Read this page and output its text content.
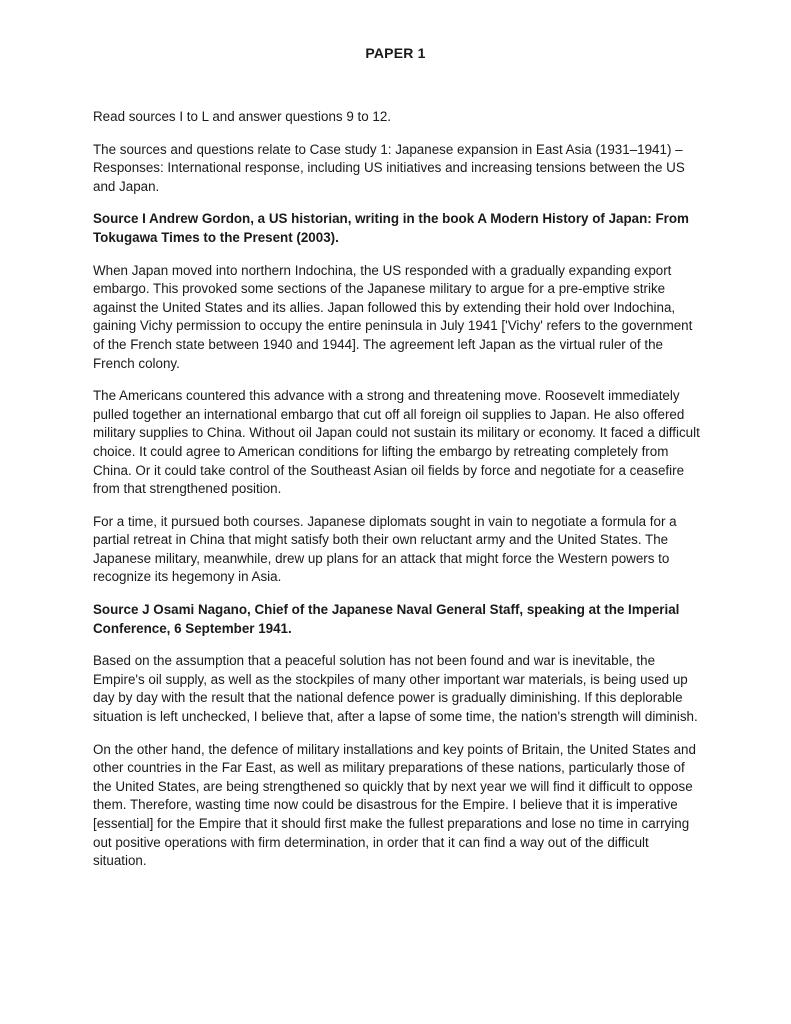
PAPER 1

Read sources I to L and answer questions 9 to 12.

The sources and questions relate to Case study 1: Japanese expansion in East Asia (1931–1941) – Responses: International response, including US initiatives and increasing tensions between the US and Japan.

Source I Andrew Gordon, a US historian, writing in the book A Modern History of Japan: From Tokugawa Times to the Present (2003).

When Japan moved into northern Indochina, the US responded with a gradually expanding export embargo. This provoked some sections of the Japanese military to argue for a pre-emptive strike against the United States and its allies. Japan followed this by extending their hold over Indochina, gaining Vichy permission to occupy the entire peninsula in July 1941 ['Vichy' refers to the government of the French state between 1940 and 1944]. The agreement left Japan as the virtual ruler of the French colony.

The Americans countered this advance with a strong and threatening move. Roosevelt immediately pulled together an international embargo that cut off all foreign oil supplies to Japan. He also offered military supplies to China. Without oil Japan could not sustain its military or economy. It faced a difficult choice. It could agree to American conditions for lifting the embargo by retreating completely from China. Or it could take control of the Southeast Asian oil fields by force and negotiate for a ceasefire from that strengthened position.

For a time, it pursued both courses. Japanese diplomats sought in vain to negotiate a formula for a partial retreat in China that might satisfy both their own reluctant army and the United States. The Japanese military, meanwhile, drew up plans for an attack that might force the Western powers to recognize its hegemony in Asia.

Source J Osami Nagano, Chief of the Japanese Naval General Staff, speaking at the Imperial Conference, 6 September 1941.

Based on the assumption that a peaceful solution has not been found and war is inevitable, the Empire's oil supply, as well as the stockpiles of many other important war materials, is being used up day by day with the result that the national defence power is gradually diminishing. If this deplorable situation is left unchecked, I believe that, after a lapse of some time, the nation's strength will diminish.

On the other hand, the defence of military installations and key points of Britain, the United States and other countries in the Far East, as well as military preparations of these nations, particularly those of the United States, are being strengthened so quickly that by next year we will find it difficult to oppose them. Therefore, wasting time now could be disastrous for the Empire. I believe that it is imperative [essential] for the Empire that it should first make the fullest preparations and lose no time in carrying out positive operations with firm determination, in order that it can find a way out of the difficult situation.
